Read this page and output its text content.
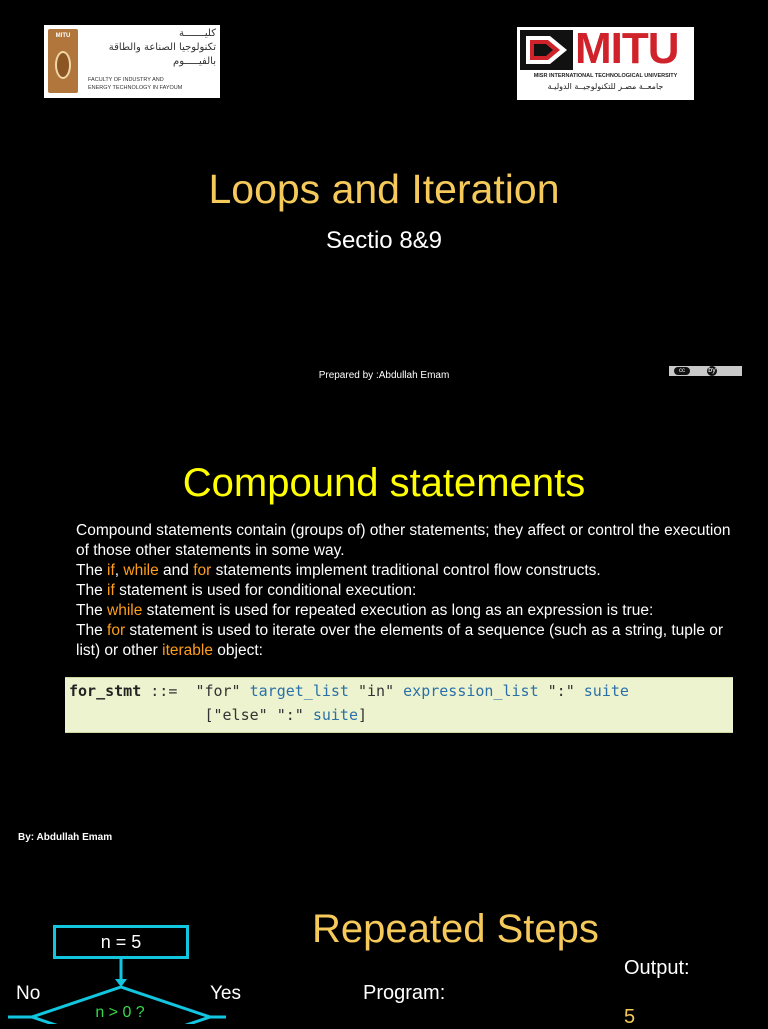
MITU	كليـــــــة
تكنولوجيا الصناعة والطاقة
بالفيـــــوم
FACULTY OF INDUSTRY AND
ENERGY TECHNOLOGY IN FAYOUM
MITU
MISR INTERNATIONAL TECHNOLOGICAL UNIVERSITY
جامعــة مصـر للتكنولوجيــة الدوليـة
Loops and Iteration
Sectio 8&9
Prepared by :Abdullah Emam	cc	by
Compound statements

Compound statements contain (groups of) other statements; they affect or control the execution of those other statements in some way.

The if, while and for statements implement traditional control flow constructs.

The if statement is used for conditional execution:

The while statement is used for repeated execution as long as an expression is true:

The for statement is used to iterate over the elements of a sequence (such as a string, tuple or list) or other iterable object:

for_stmt ::=  "for" target_list "in" expression_list ":" suite
["else" ":" suite]
By: Abdullah Emam
Repeated Steps
Output:
Program:
5
n = 5
No	Yes
n > 0 ?
